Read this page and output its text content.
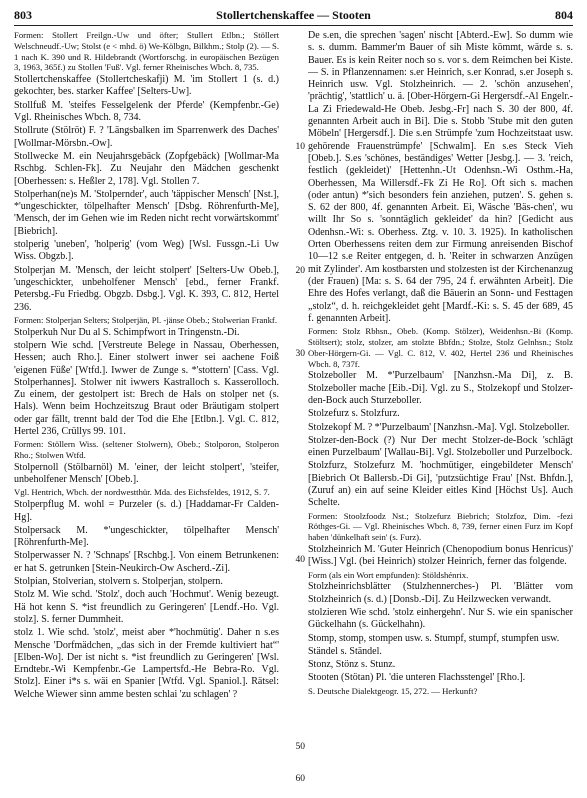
803	Stollertchenskaffee — Stooten	804

Formen: Stollert Freilgn.-Uw und öfter; Stullert Etlbn.; Stöllert Welschneudf.-Uw; Stolst (e < mhd. ö) We-Kölbgn, Bilkhm.; Stolp (2). — S. 1 nach K. 390 und R. Hildebrandt (Wortforschg. in europäischen Bezügen 3, 1963, 365f.) zu Stollen 'Fuß'. Vgl. ferner Rheinisches Wbch. 8, 735.

Stollertchenskaffee (Stollertcheskafji) M. 'im Stollert 1 (s. d.) gekochter, bes. starker Kaffee' [Selters-Uw].

Stollfuß M. 'steifes Fesselgelenk der Pferde' (Kempfenbr.-Ge) Vgl. Rheinisches Wbch. 8, 734.

Stollrute (Stölröt) F. ? 'Längsbalken im Sparrenwerk des Daches' [Wollmar-Mörsbn.-Ow].

Stollwecke M. ein Neujahrsgebäck (Zopfgebäck) [Wollmar-Ma Rschbg. Schlen-Fk]. Zu Neujahr den Mädchen geschenkt [Oberhessen: s. Heßler 2, 178]. Vgl. Stollen 7.

Stolperhan(ne)s M. 'Stolpernder', auch 'täppischer Mensch' [Nst.], *'ungeschickter, tölpelhafter Mensch' [Dsbg. Röhrenfurth-Me], 'Mensch, der im Gehen wie im Reden nicht recht vorwärtskommt' [Biebrich].

stolperig 'uneben', 'holperig' (vom Weg) [Wsl. Fussgn.-Li Uw Wiss. Obgzb.].

Stolperjan M. 'Mensch, der leicht stolpert' [Selters-Uw Obeb.], 'ungeschickter, unbeholfener Mensch' [ebd., ferner Frankf. Petersbg.-Fu Friedbg. Obgzb. Dsbg.]. Vgl. K. 393, C. 812, Hertel 236.

Formen: Stolperjan Selters; Stolperjän, Pl. -jänse Obeb.; Stolwerian Frankf.

Stolperkuh Nur Du al S. Schimpfwort in Tringenstn.-Di.

stolpern Wie schd. [Verstreute Belege in Nassau, Oberhessen, Hessen; auch Rho.]. Einer stolwert inwer sei aachene Foiß 'eigenen Füße' [Wtfd.]. Iwwer de Zunge s. *'stottern' [Cass. Vgl. Stolperhannes]. Stolwer nit iwwers Kastralloch s. Kasserolloch. Zu einem, der gestolpert ist: Brech de Hals on stolper net (s. Hals). Wenn beim Hochzeitszug Braut oder Bräutigam stolpert oder gar fällt, trennt bald der Tod die Ehe [Etlbn.]. Vgl. C. 812, Hertel 236, Crüllys 99. 101.

Formen: Stöllern Wiss. (seltener Stolwern), Obeb.; Stolporon, Stolperon Rho.; Stolwen Wtfd.

Stolpernoll (Stölbarnöl) M. 'einer, der leicht stolpert', 'steifer, unbeholfener Mensch' [Obeb.].

Vgl. Hentrich, Wbch. der nordwestthür. Mda. des Eichsfeldes, 1912, S. 7.

Stolperpflug M. wohl = Purzeler (s. d.) [Haddamar-Fr Calden-Hg].

Stolpersack M. *'ungeschickter, tölpelhafter Mensch' [Röhrenfurth-Me].

Stolperwasser N. ? 'Schnaps' [Rschbg.]. Von einem Betrunkenen: er hat S. getrunken [Stein-Neukirch-Ow Ascherd.-Zi].

Stolpian, Stolverian, stolvern s. Stolperjan, stolpern.

Stolz M. Wie schd. 'Stolz', doch auch 'Hochmut'. Wenig bezeugt. Hä hot kenn S. *ist freundlich zu Geringeren' [Lendf.-Ho. Vgl. stolz]. S. ferner Dummheit.

stolz 1. Wie schd. 'stolz', meist aber *'hochmütig'. Daher n s.es Mensche 'Dorfmädchen, „das sich in der Fremde kultiviert hat“' [Elben-Wo]. Der ist nicht s. *ist freundlich zu Geringeren' [Wsl. Erndtebr.-Wi Kempfenbr.-Ge Lampertsfd.-He Bebra-Ro. Vgl. Stolz]. Einer i*s s. wäi en Spanier [Wtfd. Vgl. Spaniol.]. Rätsel: Welche Wiewer sinn amme besten schlai 'zu schlagen' ?

De s.en, die sprechen 'sagen' nischt [Abterd.-Ew]. So dumm wie s. s. dumm. Bammer'm Bauer of sih Miste kömmt, wärde s. s. Bauer. Es is kein Reiter noch so s. vor s. dem Reimchen bei Kiste. — S. in Pflanzennamen: s.er Heinrich, s.er Konrad, s.er Joseph s. Heinrich usw. Vgl. Stolzheinrich. — 2. 'schön anzusehen', 'prächtig', 'stattlich' u. ä. [Ober-Hörgern-Gi Hergersdf.-Al Engelr.-La Zi Friedewald-He Obeb. Jesbg.-Fr] nach S. 30 der 800, 4f. genannten Arbeit auch in Bi]. Die s. Stobb 'Stube mit den guten Möbeln' [Hergersdf.]. Die s.en Strümpfe 'zum Hochzeitstaat usw. gehörende Frauenstrümpfe' [Schwalm]. En s.es Steck Vieh [Obeb.]. S.es 'schönes, beständiges' Wetter [Jesbg.]. — 3. 'reich, festlich (gekleidet)' [Hettenhn.-Ut Odenhsn.-Wi Osthm.-Ha, Oberhessen, Ma Willersdf.-Fk Zi He Ro]. Oft sich s. machen (oder antun) *'sich besonders fein anziehen, putzen'. S. gehen s. S. 62 der 800, 4f. genannten Arbeit. Ei, Wäsche 'Bäs-chen', wu willt Ihr So s. 'sonntäglich gekleidet' da hin? [Gedicht aus Odenhsn.-Wi: s. Oberhess. Ztg. v. 10. 3. 1925). In katholischen Orten Oberhessens reiten dem zur Firmung anreisenden Bischof 10—12 s.e Reiter entgegen, d. h. 'Reiter in schwarzen Anzügen mit Zylinder'. Am kostbarsten und stolzesten ist der Kirchenanzug (der Frauen) [Ma: s. S. 64 der 795, 24 f. erwähnten Arbeit]. Die Ehre des Hofes verlangt, daß die Bäuerin an Sonn- und Festtagen „stolz“, d. h. reichgekleidet geht [Mardf.-Ki: s. S. 45 der 689, 45 f. genannten Arbeit].

Formen: Stolz Rbhsn., Obeb. (Komp. Stölzer), Weidenhsn.-Bi (Komp. Stöltsert); stolz, stolzer, am stolzte Bbfdn.; Stolze, Stolz Gelnhsn.; Stolz Ober-Hörgern-Gi. — Vgl. C. 812, V. 402, Hertel 236 und Rheinisches Wbch. 8, 737f.

Stolzeboller M. *'Purzelbaum' [Nanzhsn.-Ma Di], z. B. Stolzeboller mache [Eib.-Di]. Vgl. zu S., Stolzekopf und Stolzer-den-Bock auch Sturzeboller.

Stolzefurz s. Stolzfurz.

Stolzekopf M. ? *'Purzelbaum' [Nanzhsn.-Ma]. Vgl. Stolzeboller.

Stolzer-den-Bock (?) Nur Der mecht Stolzer-de-Bock 'schlägt einen Purzelbaum' [Wallau-Bi]. Vgl. Stolzeboller und Purzelbock.

Stolzfurz, Stolzefurz M. 'hochmütiger, eingebildeter Mensch' [Biebrich Ot Ballersb.-Di Gi], 'putzsüchtige Frau' [Nst. Bhfdn.], (Zuruf an) ein auf seine Kleider eitles Kind [Höchst Us]. Auch Schelte.

Formen: Stoolzfoodz Nst.; Stolzefurz Biebrich; Stolzfoz, Dim. -fezi Röthges-Gi. — Vgl. Rheinisches Wbch. 8, 739, ferner einen Furz im Kopf haben 'dünkelhaft sein' (s. Furz).

Stolzheinrich M. 'Guter Heinrich (Chenopodium bonus Henricus)' [Wiss.] Vgl. (bei Heinrich) stolzer Heinrich, ferner das folgende.

Form (als ein Wort empfunden): Stöldshénrix.

Stolzheinrichsblätter (Stulzhennerches-) Pl. 'Blätter vom Stolzheinrich (s. d.) [Donsb.-Di]. Zu Heilzwecken verwandt.

stolzieren Wie schd. 'stolz einhergehn'. Nur S. wie ein spanischer Gückelhahn (s. Gückelhahn).

Stomp, stomp, stompen usw. s. Stumpf, stumpf, stumpfen usw.

Ständel s. Ständel.

Stonz, Stönz s. Stunz.

Stooten (Stötan) Pl. 'die unteren Flachsstengel' [Rho.].

S. Deutsche Dialektgeogr. 15, 272. — Herkunft?

10
20
30
40
50
60
